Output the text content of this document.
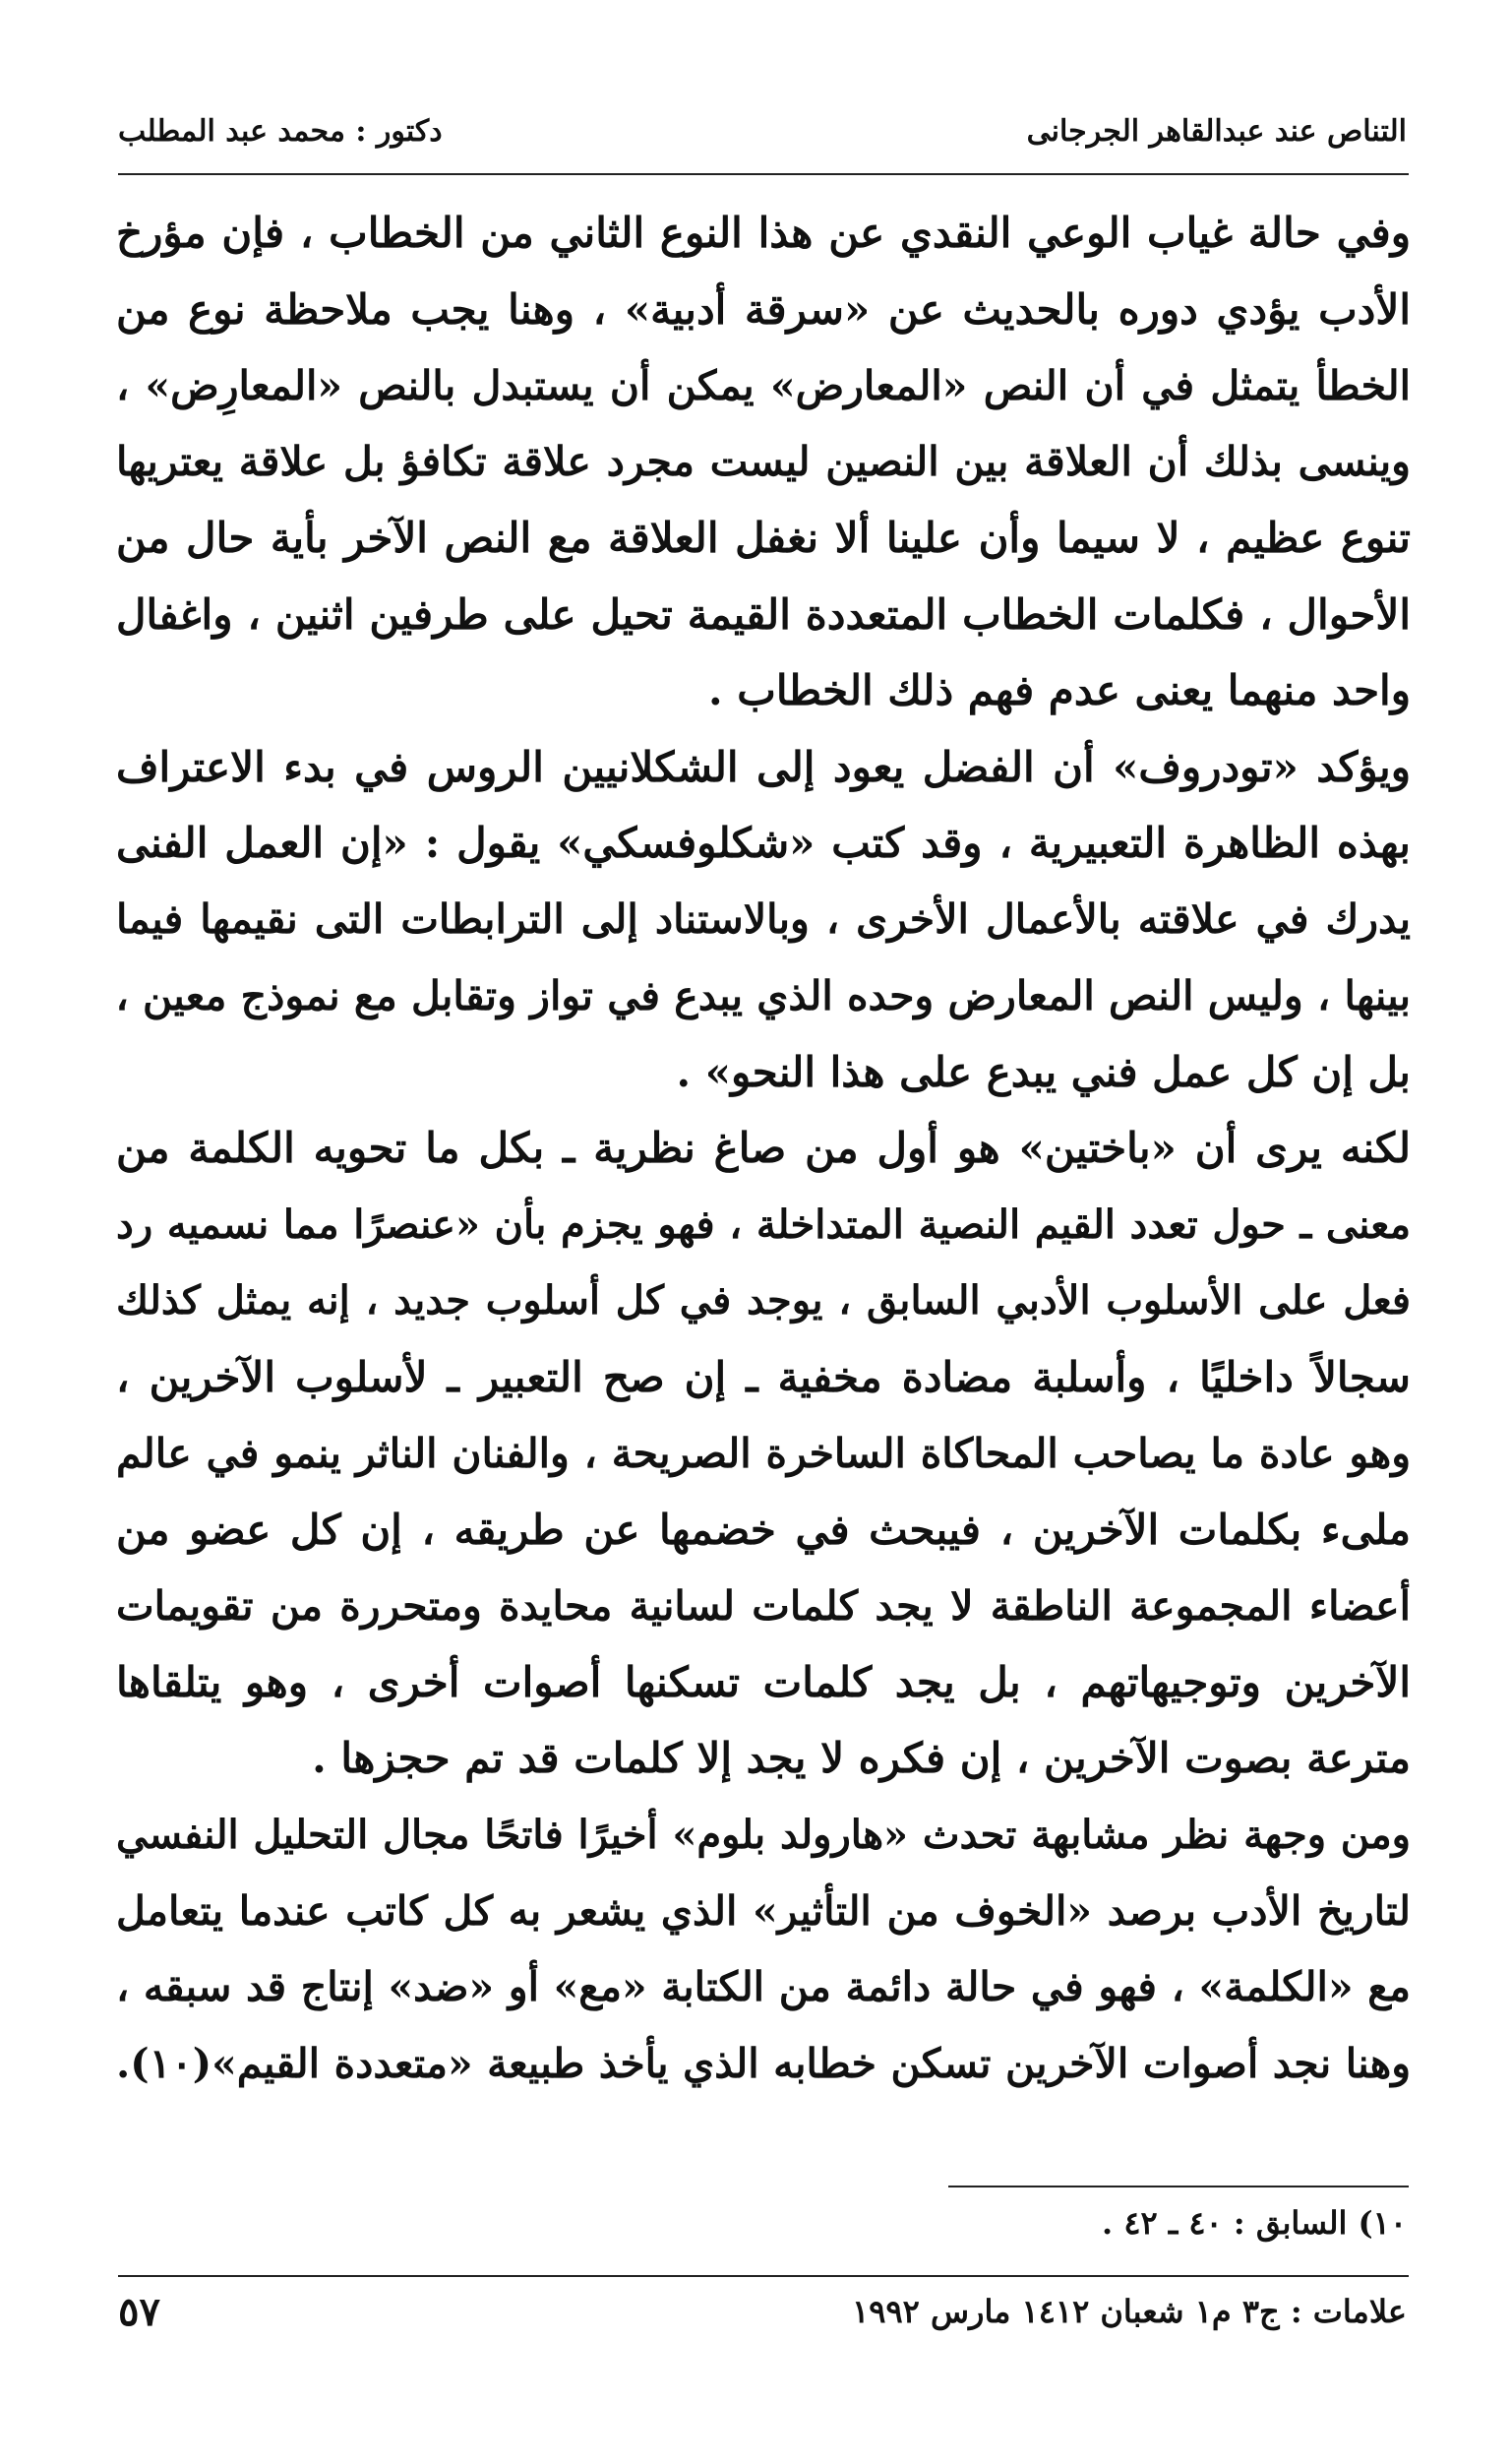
التناص عند عبدالقاهر الجرجانى
دكتور : محمد عبد المطلب
وفي حالة غياب الوعي النقدي عن هذا النوع الثاني من الخطاب ، فإن مؤرخ
الأدب يؤدي دوره بالحديث عن «سرقة أدبية» ، وهنا يجب ملاحظة نوع من
الخطأ يتمثل في أن النص «المعارض» يمكن أن يستبدل بالنص «المعارِض» ،
وينسى بذلك أن العلاقة بين النصين ليست مجرد علاقة تكافؤ بل علاقة يعتريها
تنوع عظيم ، لا سيما وأن علينا ألا نغفل العلاقة مع النص الآخر بأية حال من
الأحوال ، فكلمات الخطاب المتعددة القيمة تحيل على طرفين اثنين ، واغفال
واحد منهما يعنى عدم فهم ذلك الخطاب .
ويؤكد «تودروف» أن الفضل يعود إلى الشكلانيين الروس في بدء الاعتراف
بهذه الظاهرة التعبيرية ، وقد كتب «شكلوفسكي» يقول : «إن العمل الفنى
يدرك في علاقته بالأعمال الأخرى ، وبالاستناد إلى الترابطات التى نقيمها فيما
بينها ، وليس النص المعارض وحده الذي يبدع في تواز وتقابل مع نموذج معين ،
بل إن كل عمل فني يبدع على هذا النحو» .
لكنه يرى أن «باختين» هو أول من صاغ نظرية ـ بكل ما تحويه الكلمة من
معنى ـ حول تعدد القيم النصية المتداخلة ، فهو يجزم بأن «عنصرًا مما نسميه رد
فعل على الأسلوب الأدبي السابق ، يوجد في كل أسلوب جديد ، إنه يمثل كذلك
سجالاً داخليًا ، وأسلبة مضادة مخفية ـ إن صح التعبير ـ لأسلوب الآخرين ،
وهو عادة ما يصاحب المحاكاة الساخرة الصريحة ، والفنان الناثر ينمو في عالم
ملىء بكلمات الآخرين ، فيبحث في خضمها عن طريقه ، إن كل عضو من
أعضاء المجموعة الناطقة لا يجد كلمات لسانية محايدة ومتحررة من تقويمات
الآخرين وتوجيهاتهم ، بل يجد كلمات تسكنها أصوات أخرى ، وهو يتلقاها
مترعة بصوت الآخرين ، إن فكره لا يجد إلا كلمات قد تم حجزها .
ومن وجهة نظر مشابهة تحدث «هارولد بلوم» أخيرًا فاتحًا مجال التحليل النفسي
لتاريخ الأدب برصد «الخوف من التأثير» الذي يشعر به كل كاتب عندما يتعامل
مع «الكلمة» ، فهو في حالة دائمة من الكتابة «مع» أو «ضد» إنتاج قد سبقه ،
وهنا نجد أصوات الآخرين تسكن خطابه الذي يأخذ طبيعة «متعددة القيم»(١٠).
١٠) السابق : ٤٠ ـ ٤٢ .
علامات : ج٣ م١ شعبان ١٤١٢ مارس ١٩٩٢
٥٧
